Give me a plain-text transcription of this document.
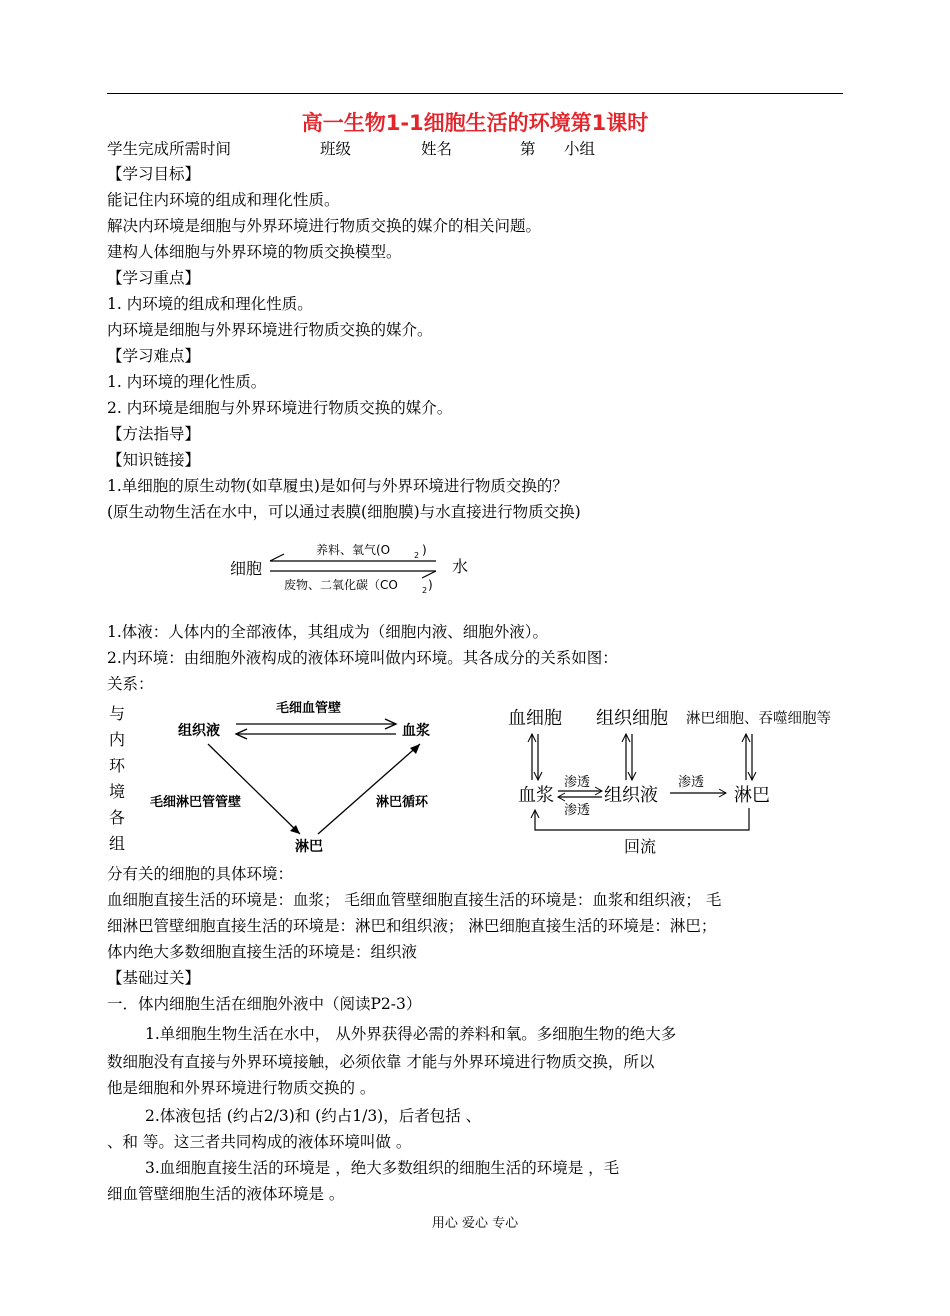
高一生物1-1细胞生活的环境第1课时
学生完成所需时间	班级	姓名	第 小组
【学习目标】
能记住内环境的组成和理化性质。
解决内环境是细胞与外界环境进行物质交换的媒介的相关问题。
建构人体细胞与外界环境的物质交换模型。
【学习重点】
1. 内环境的组成和理化性质。
内环境是细胞与外界环境进行物质交换的媒介。
【学习难点】
1. 内环境的理化性质。
2. 内环境是细胞与外界环境进行物质交换的媒介。
【方法指导】
【知识链接】
1.单细胞的原生动物(如草履虫)是如何与外界环境进行物质交换的？
(原生动物生活在水中，可以通过表膜(细胞膜)与水直接进行物质交换)
细胞
养料、氧气(O	)
2
废物、二氧化碳（CO	2 )
水
1.体液：人体内的全部液体，其组成为（细胞内液、细胞外液）。
2.内环境：由细胞外液构成的液体环境叫做内环境。其各成分的关系如图：
关系：
与
内
环
境
各
组
毛细血管壁
组织液	血浆
毛细淋巴管管壁	淋巴循环
淋巴
血细胞 组织细胞 淋巴细胞、吞噬细胞等
血浆	组织液	淋巴
渗透
渗透
渗透
回流
分有关的细胞的具体环境：
血细胞直接生活的环境是：血浆； 毛细血管壁细胞直接生活的环境是：血浆和组织液； 毛
细淋巴管壁细胞直接生活的环境是：淋巴和组织液； 淋巴细胞直接生活的环境是：淋巴；
体内绝大多数细胞直接生活的环境是：组织液
【基础过关】
一．体内细胞生活在细胞外液中（阅读P2-3）
1.单细胞生物生活在水中， 从外界获得必需的养料和氧。多细胞生物的绝大多
数细胞没有直接与外界环境接触，必须依靠 才能与外界环境进行物质交换，所以
他是细胞和外界环境进行物质交换的 。
2.体液包括 (约占2/3)和 (约占1/3)，后者包括 、
、和 等。这三者共同构成的液体环境叫做 。
3.血细胞直接生活的环境是 ，绝大多数组织的细胞生活的环境是 ，毛
细血管壁细胞生活的液体环境是 。
用心 爱心 专心
